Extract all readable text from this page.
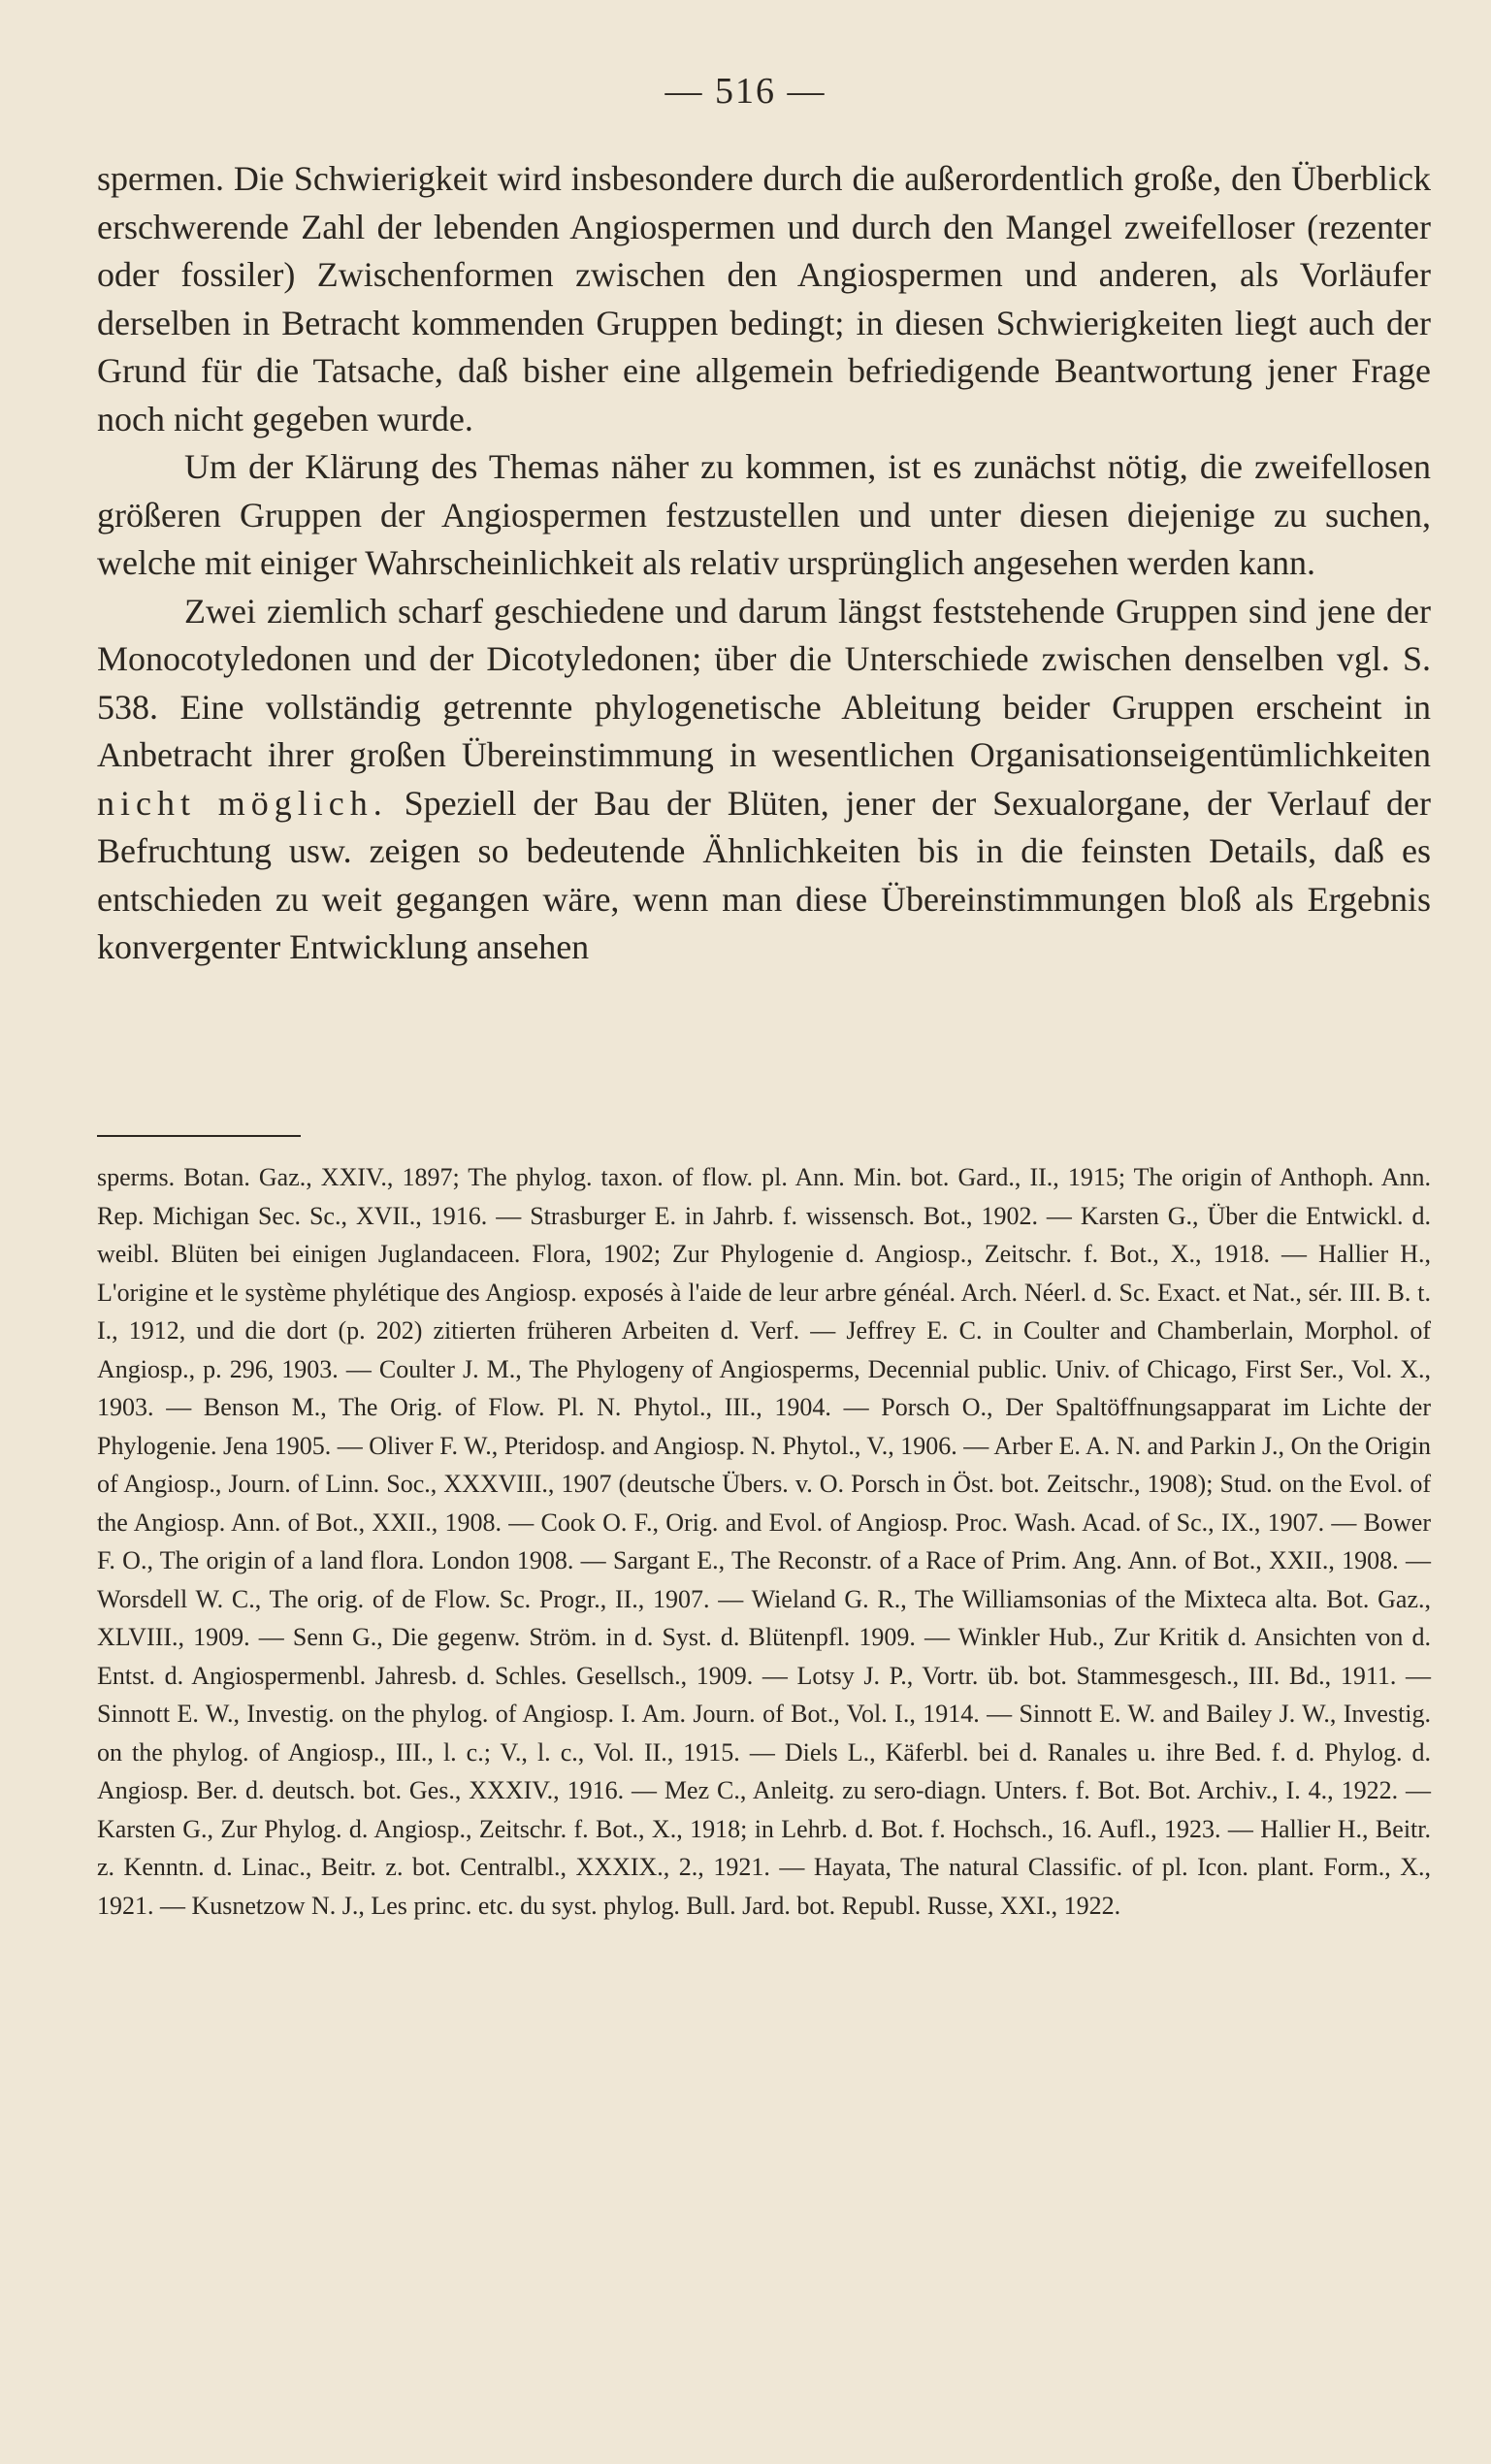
— 516 —

spermen. Die Schwierigkeit wird insbesondere durch die außerordentlich große, den Überblick erschwerende Zahl der lebenden Angiospermen und durch den Mangel zweifelloser (rezenter oder fossiler) Zwischenformen zwischen den Angiospermen und anderen, als Vorläufer derselben in Betracht kommenden Gruppen bedingt; in diesen Schwierigkeiten liegt auch der Grund für die Tatsache, daß bisher eine allgemein befriedigende Beantwortung jener Frage noch nicht gegeben wurde.

Um der Klärung des Themas näher zu kommen, ist es zunächst nötig, die zweifellosen größeren Gruppen der Angiospermen festzustellen und unter diesen diejenige zu suchen, welche mit einiger Wahrscheinlichkeit als relativ ursprünglich angesehen werden kann.

Zwei ziemlich scharf geschiedene und darum längst feststehende Gruppen sind jene der Monocotyledonen und der Dicotyledonen; über die Unterschiede zwischen denselben vgl. S. 538. Eine vollständig getrennte phylogenetische Ableitung beider Gruppen erscheint in Anbetracht ihrer großen Übereinstimmung in wesentlichen Organisationseigentümlichkeiten nicht möglich. Speziell der Bau der Blüten, jener der Sexualorgane, der Verlauf der Befruchtung usw. zeigen so bedeutende Ähnlichkeiten bis in die feinsten Details, daß es entschieden zu weit gegangen wäre, wenn man diese Übereinstimmungen bloß als Ergebnis konvergenter Entwicklung ansehen

sperms. Botan. Gaz., XXIV., 1897; The phylog. taxon. of flow. pl. Ann. Min. bot. Gard., II., 1915; The origin of Anthoph. Ann. Rep. Michigan Sec. Sc., XVII., 1916. — Strasburger E. in Jahrb. f. wissensch. Bot., 1902. — Karsten G., Über die Entwickl. d. weibl. Blüten bei einigen Juglandaceen. Flora, 1902; Zur Phylogenie d. Angiosp., Zeitschr. f. Bot., X., 1918. — Hallier H., L'origine et le système phylétique des Angiosp. exposés à l'aide de leur arbre généal. Arch. Néerl. d. Sc. Exact. et Nat., sér. III. B. t. I., 1912, und die dort (p. 202) zitierten früheren Arbeiten d. Verf. — Jeffrey E. C. in Coulter and Chamberlain, Morphol. of Angiosp., p. 296, 1903. — Coulter J. M., The Phylogeny of Angiosperms, Decennial public. Univ. of Chicago, First Ser., Vol. X., 1903. — Benson M., The Orig. of Flow. Pl. N. Phytol., III., 1904. — Porsch O., Der Spaltöffnungsapparat im Lichte der Phylogenie. Jena 1905. — Oliver F. W., Pteridosp. and Angiosp. N. Phytol., V., 1906. — Arber E. A. N. and Parkin J., On the Origin of Angiosp., Journ. of Linn. Soc., XXXVIII., 1907 (deutsche Übers. v. O. Porsch in Öst. bot. Zeitschr., 1908); Stud. on the Evol. of the Angiosp. Ann. of Bot., XXII., 1908. — Cook O. F., Orig. and Evol. of Angiosp. Proc. Wash. Acad. of Sc., IX., 1907. — Bower F. O., The origin of a land flora. London 1908. — Sargant E., The Reconstr. of a Race of Prim. Ang. Ann. of Bot., XXII., 1908. — Worsdell W. C., The orig. of de Flow. Sc. Progr., II., 1907. — Wieland G. R., The Williamsonias of the Mixteca alta. Bot. Gaz., XLVIII., 1909. — Senn G., Die gegenw. Ström. in d. Syst. d. Blütenpfl. 1909. — Winkler Hub., Zur Kritik d. Ansichten von d. Entst. d. Angiospermenbl. Jahresb. d. Schles. Gesellsch., 1909. — Lotsy J. P., Vortr. üb. bot. Stammesgesch., III. Bd., 1911. — Sinnott E. W., Investig. on the phylog. of Angiosp. I. Am. Journ. of Bot., Vol. I., 1914. — Sinnott E. W. and Bailey J. W., Investig. on the phylog. of Angiosp., III., l. c.; V., l. c., Vol. II., 1915. — Diels L., Käferbl. bei d. Ranales u. ihre Bed. f. d. Phylog. d. Angiosp. Ber. d. deutsch. bot. Ges., XXXIV., 1916. — Mez C., Anleitg. zu sero-diagn. Unters. f. Bot. Bot. Archiv., I. 4., 1922. — Karsten G., Zur Phylog. d. Angiosp., Zeitschr. f. Bot., X., 1918; in Lehrb. d. Bot. f. Hochsch., 16. Aufl., 1923. — Hallier H., Beitr. z. Kenntn. d. Linac., Beitr. z. bot. Centralbl., XXXIX., 2., 1921. — Hayata, The natural Classific. of pl. Icon. plant. Form., X., 1921. — Kusnetzow N. J., Les princ. etc. du syst. phylog. Bull. Jard. bot. Republ. Russe, XXI., 1922.
